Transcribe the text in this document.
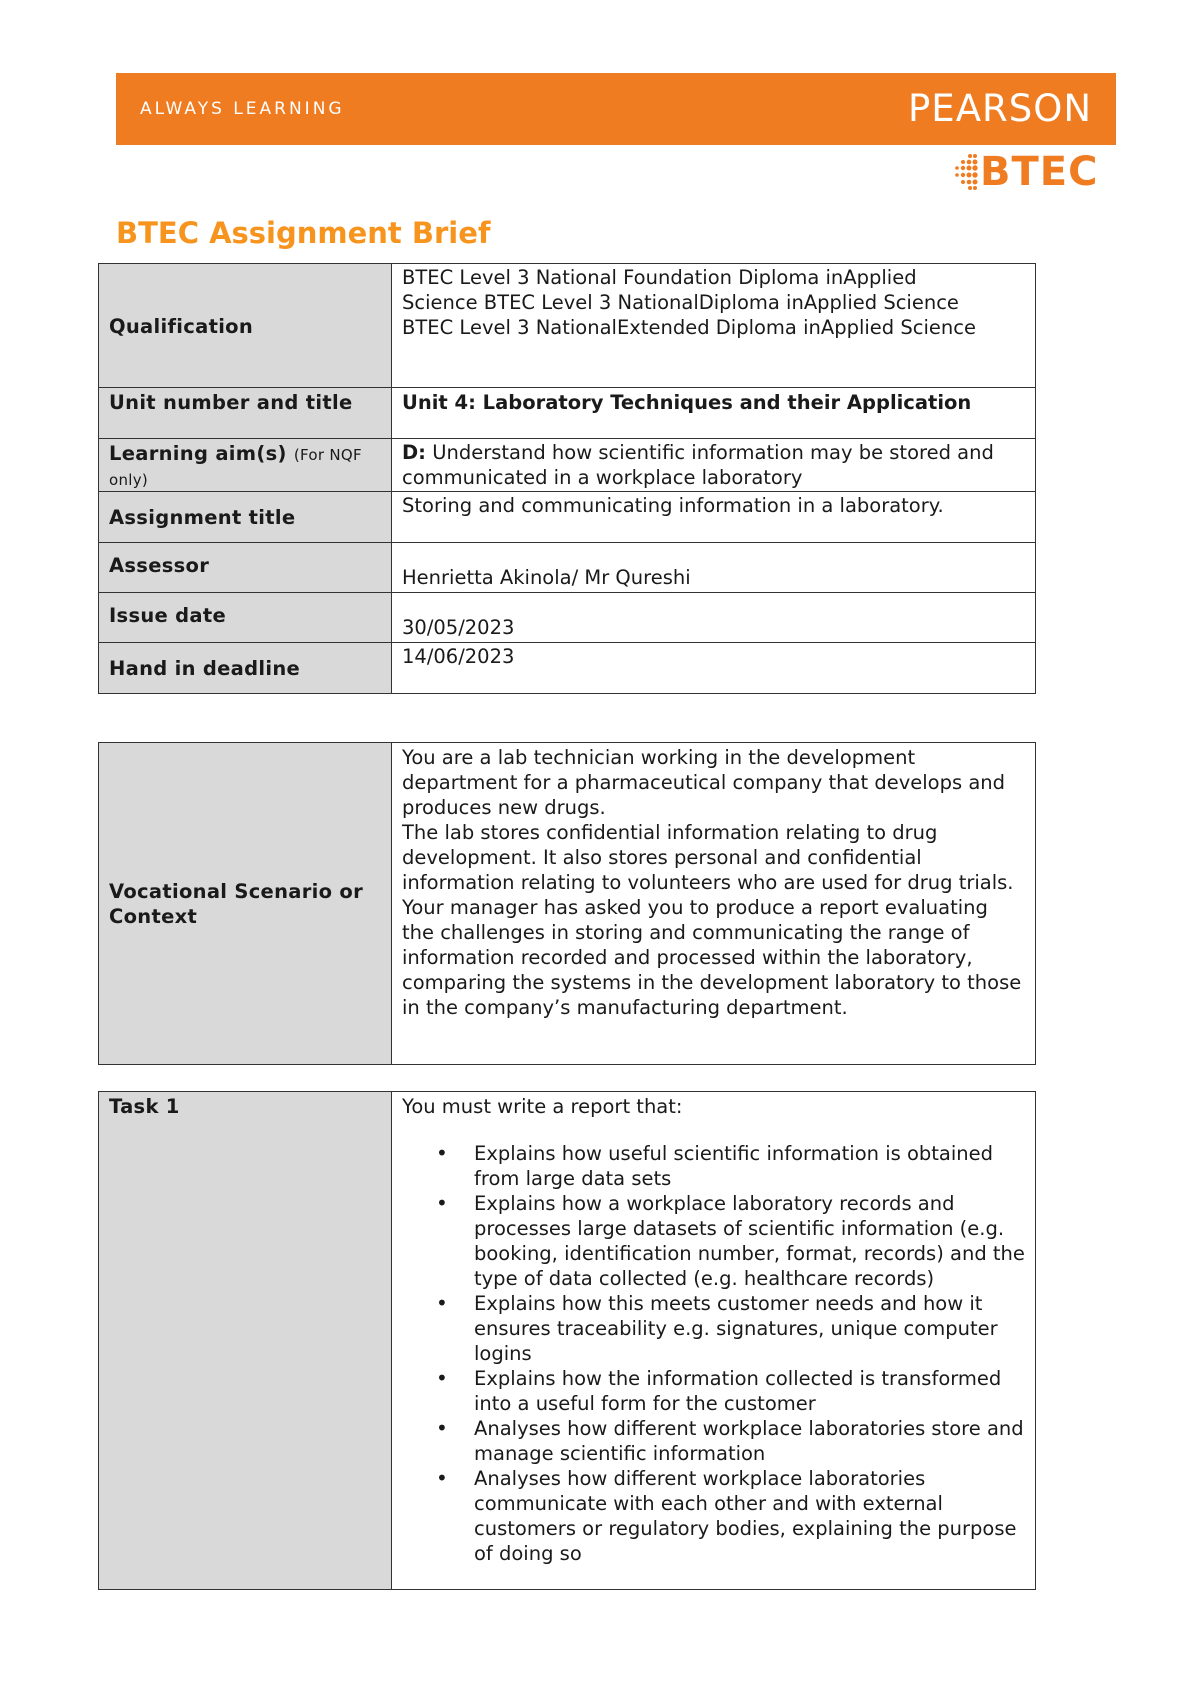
ALWAYS LEARNING	PEARSON
BTEC
BTEC Assignment Brief
Qualification	BTEC Level 3 National Foundation Diploma inApplied
Science BTEC Level 3 NationalDiploma inApplied Science
BTEC Level 3 NationalExtended Diploma inApplied Science

Unit number and title	Unit 4: Laboratory Techniques and their Application
Learning aim(s) (For NQF only)	D: Understand how scientific information may be stored and communicated in a workplace laboratory
Assignment title	Storing and communicating information in a laboratory.
Assessor	Henrietta Akinola/ Mr Qureshi
Issue date	30/05/2023
Hand in deadline	14/06/2023
Vocational Scenario or Context	
You are a lab technician working in the development department for a pharmaceutical company that develops and produces new drugs.
The lab stores confidential information relating to drug development. It also stores personal and confidential information relating to volunteers who are used for drug trials.
Your manager has asked you to produce a report evaluating the challenges in storing and communicating the range of information recorded and processed within the laboratory, comparing the systems in the development laboratory to those in the company’s manufacturing department.
Task 1	You must write a report that:
• Explains how useful scientific information is obtained from large data sets
• Explains how a workplace laboratory records and processes large datasets of scientific information (e.g. booking, identification number, format, records) and the type of data collected (e.g. healthcare records)
• Explains how this meets customer needs and how it ensures traceability e.g. signatures, unique computer logins
• Explains how the information collected is transformed into a useful form for the customer
• Analyses how different workplace laboratories store and manage scientific information
• Analyses how different workplace laboratories communicate with each other and with external customers or regulatory bodies, explaining the purpose of doing so
